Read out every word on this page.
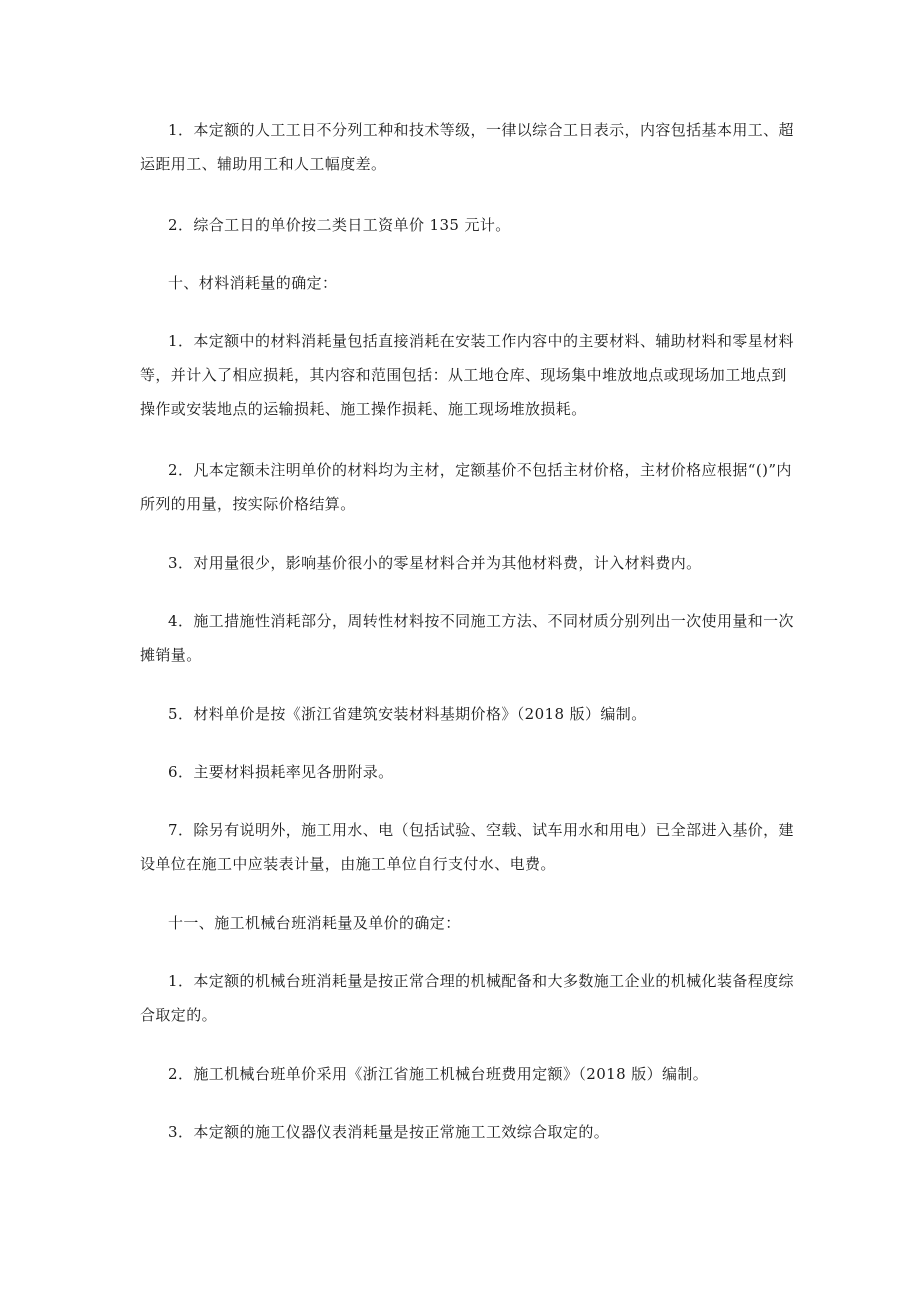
1．本定额的人工工日不分列工种和技术等级，一律以综合工日表示，内容包括基本用工、超运距用工、辅助用工和人工幅度差。

2．综合工日的单价按二类日工资单价 135 元计。

十、材料消耗量的确定：

1．本定额中的材料消耗量包括直接消耗在安装工作内容中的主要材料、辅助材料和零星材料等，并计入了相应损耗，其内容和范围包括：从工地仓库、现场集中堆放地点或现场加工地点到操作或安装地点的运输损耗、施工操作损耗、施工现场堆放损耗。

2．凡本定额未注明单价的材料均为主材，定额基价不包括主材价格，主材价格应根据“()”内所列的用量，按实际价格结算。

3．对用量很少，影响基价很小的零星材料合并为其他材料费，计入材料费内。

4．施工措施性消耗部分，周转性材料按不同施工方法、不同材质分别列出一次使用量和一次摊销量。

5．材料单价是按《浙江省建筑安装材料基期价格》（2018 版）编制。

6．主要材料损耗率见各册附录。

7．除另有说明外，施工用水、电（包括试验、空载、试车用水和用电）已全部进入基价，建设单位在施工中应装表计量，由施工单位自行支付水、电费。

十一、施工机械台班消耗量及单价的确定：

1．本定额的机械台班消耗量是按正常合理的机械配备和大多数施工企业的机械化装备程度综合取定的。

2．施工机械台班单价采用《浙江省施工机械台班费用定额》（2018 版）编制。

3．本定额的施工仪器仪表消耗量是按正常施工工效综合取定的。
